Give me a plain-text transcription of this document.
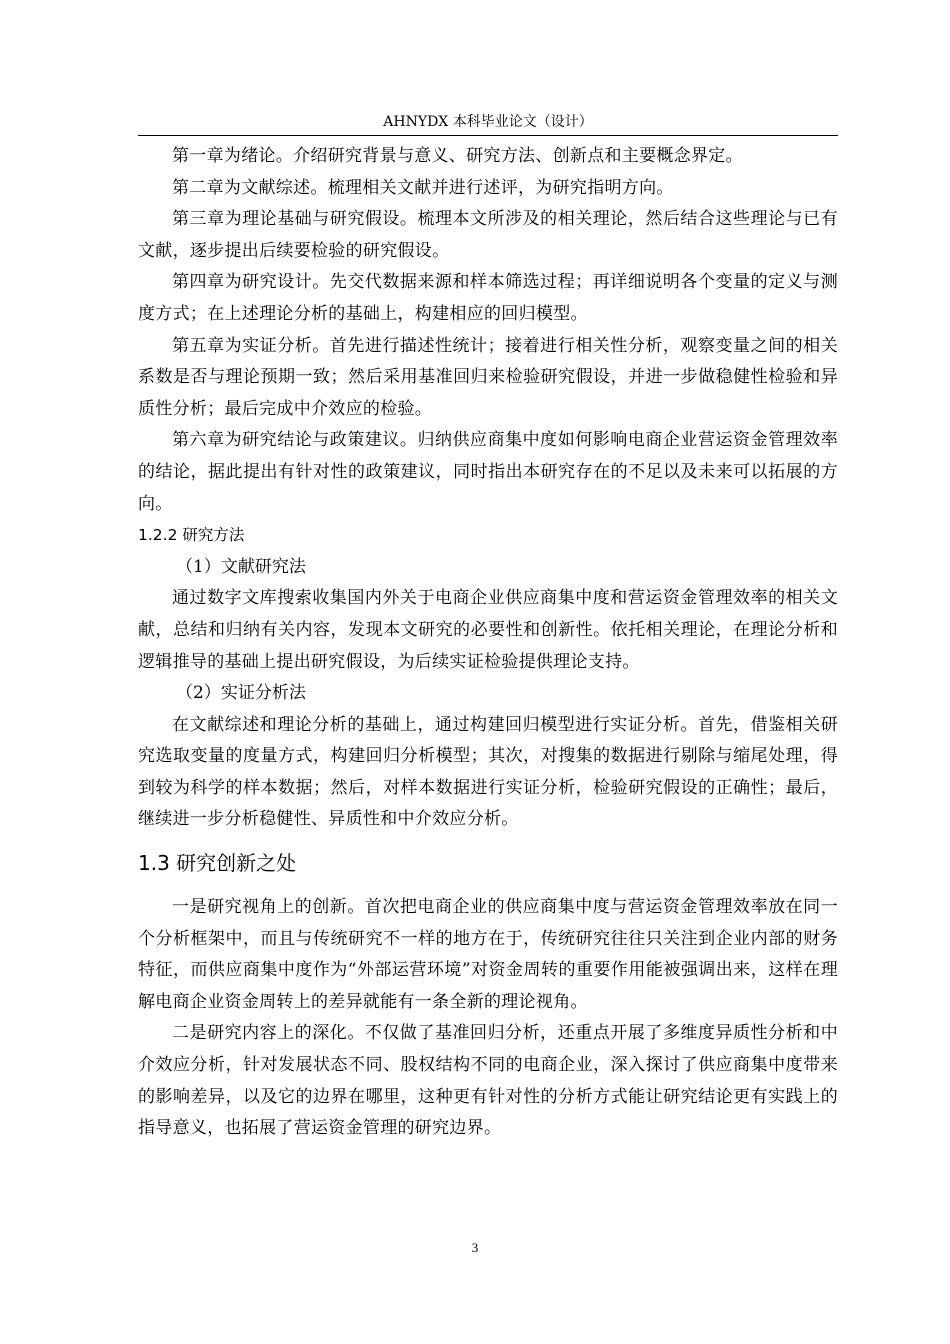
AHNYDX 本科毕业论文（设计）

第一章为绪论。介绍研究背景与意义、研究方法、创新点和主要概念界定。

第二章为文献综述。梳理相关文献并进行述评，为研究指明方向。

第三章为理论基础与研究假设。梳理本文所涉及的相关理论，然后结合这些理论与已有文献，逐步提出后续要检验的研究假设。

第四章为研究设计。先交代数据来源和样本筛选过程；再详细说明各个变量的定义与测度方式；在上述理论分析的基础上，构建相应的回归模型。

第五章为实证分析。首先进行描述性统计；接着进行相关性分析，观察变量之间的相关系数是否与理论预期一致；然后采用基准回归来检验研究假设，并进一步做稳健性检验和异质性分析；最后完成中介效应的检验。

第六章为研究结论与政策建议。归纳供应商集中度如何影响电商企业营运资金管理效率的结论，据此提出有针对性的政策建议，同时指出本研究存在的不足以及未来可以拓展的方向。

1.2.2 研究方法

（1）文献研究法

通过数字文库搜索收集国内外关于电商企业供应商集中度和营运资金管理效率的相关文献，总结和归纳有关内容，发现本文研究的必要性和创新性。依托相关理论，在理论分析和逻辑推导的基础上提出研究假设，为后续实证检验提供理论支持。

（2）实证分析法

在文献综述和理论分析的基础上，通过构建回归模型进行实证分析。首先，借鉴相关研究选取变量的度量方式，构建回归分析模型；其次，对搜集的数据进行剔除与缩尾处理，得到较为科学的样本数据；然后，对样本数据进行实证分析，检验研究假设的正确性；最后，继续进一步分析稳健性、异质性和中介效应分析。

1.3 研究创新之处

一是研究视角上的创新。首次把电商企业的供应商集中度与营运资金管理效率放在同一个分析框架中，而且与传统研究不一样的地方在于，传统研究往往只关注到企业内部的财务特征，而供应商集中度作为“外部运营环境”对资金周转的重要作用能被强调出来，这样在理解电商企业资金周转上的差异就能有一条全新的理论视角。

二是研究内容上的深化。不仅做了基准回归分析，还重点开展了多维度异质性分析和中介效应分析，针对发展状态不同、股权结构不同的电商企业，深入探讨了供应商集中度带来的影响差异，以及它的边界在哪里，这种更有针对性的分析方式能让研究结论更有实践上的指导意义，也拓展了营运资金管理的研究边界。

3
